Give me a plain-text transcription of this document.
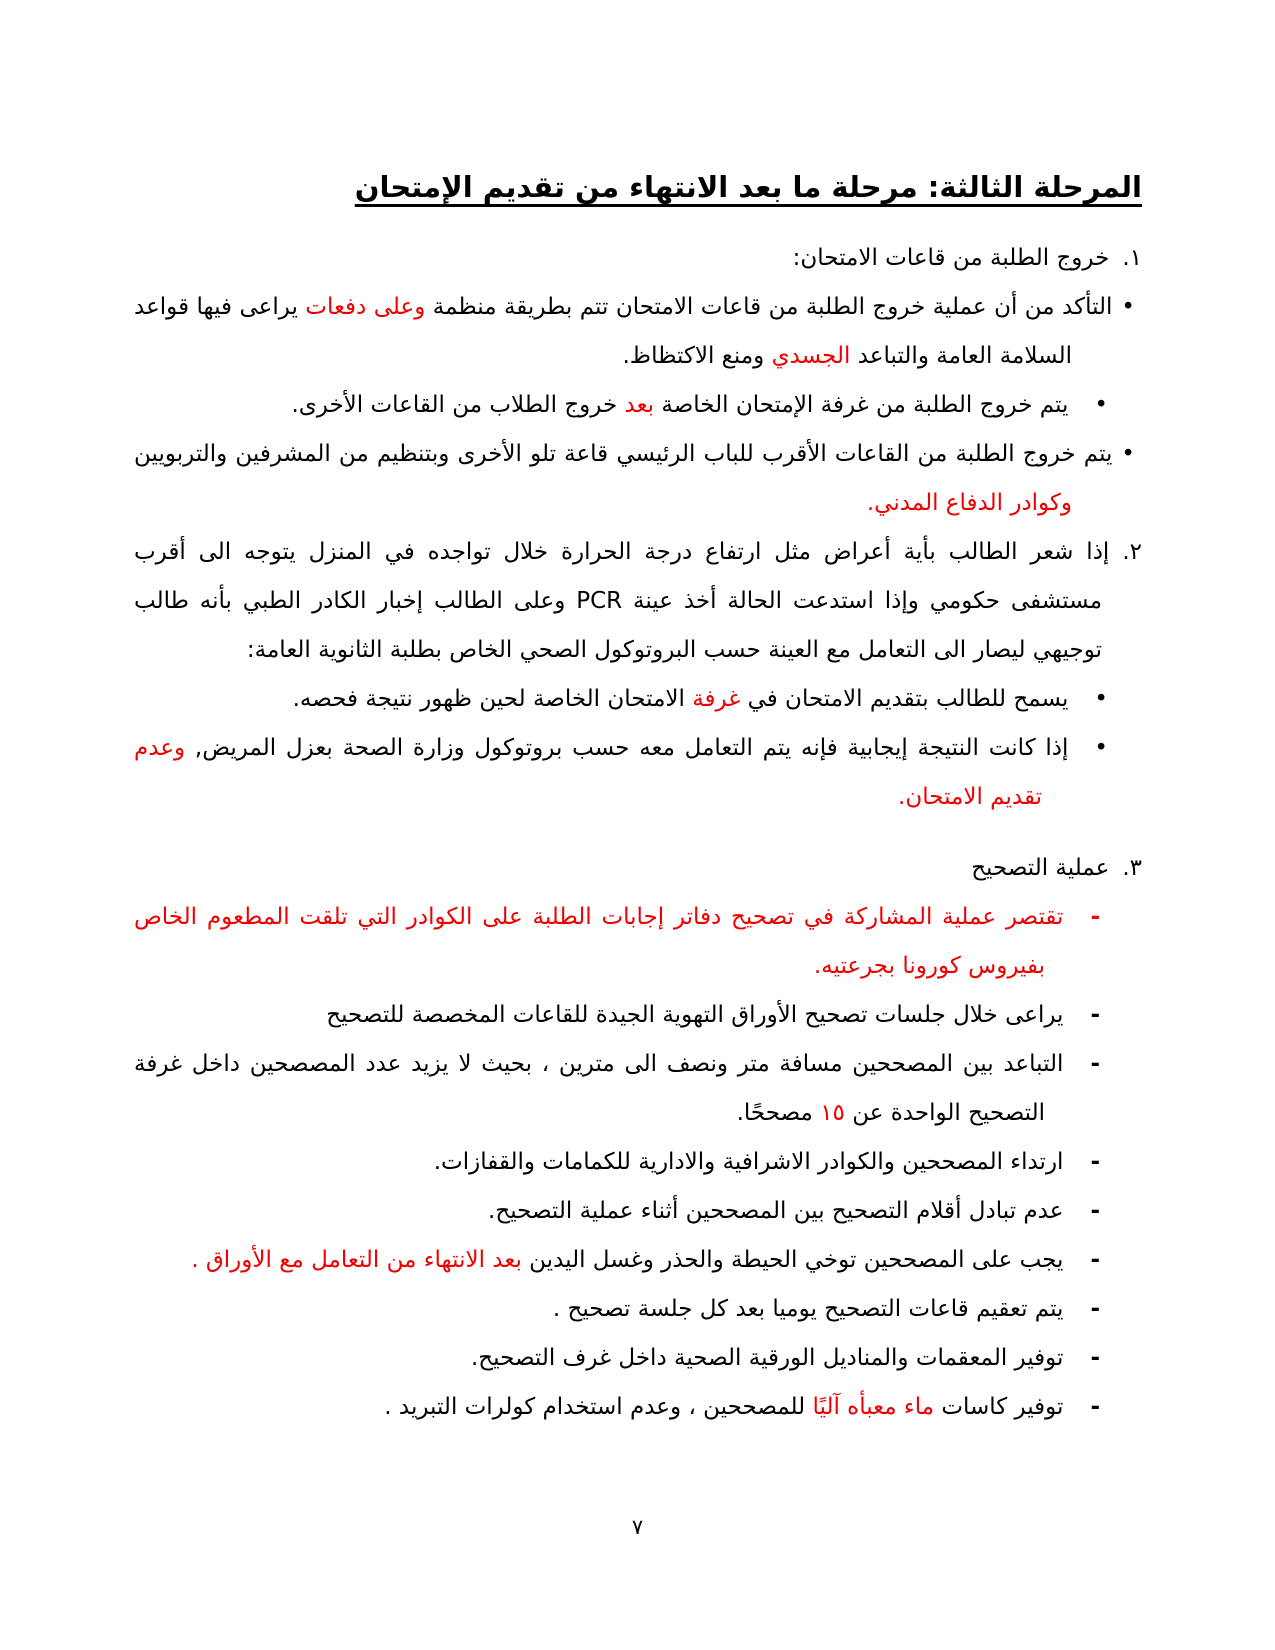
المرحلة الثالثة: مرحلة ما بعد الانتهاء من تقديم الإمتحان

١.خروج الطلبة من قاعات الامتحان:

•التأكد من أن عملية خروج الطلبة من قاعات الامتحان تتم بطريقة منظمة وعلى دفعات يراعى فيها قواعد السلامة العامة والتباعد الجسدي ومنع الاكتظاظ.

•يتم خروج الطلبة من غرفة الإمتحان الخاصة بعد خروج الطلاب من القاعات الأخرى.

•يتم خروج الطلبة من القاعات الأقرب للباب الرئيسي قاعة تلو الأخرى وبتنظيم من المشرفين والتربويين وكوادر الدفاع المدني.

٢.إذا شعر الطالب بأية أعراض مثل ارتفاع درجة الحرارة خلال تواجده في المنزل يتوجه الى أقرب مستشفى حكومي وإذا استدعت الحالة أخذ عينة PCR وعلى الطالب إخبار الكادر الطبي بأنه طالب توجيهي ليصار الى التعامل مع العينة حسب البروتوكول الصحي الخاص بطلبة الثانوية العامة:

•يسمح للطالب بتقديم الامتحان في غرفة الامتحان الخاصة لحين ظهور نتيجة فحصه.

•إذا كانت النتيجة إيجابية فإنه يتم التعامل معه حسب بروتوكول وزارة الصحة بعزل المريض, وعدم تقديم الامتحان.

٣.عملية التصحيح

-تقتصر عملية المشاركة في تصحيح دفاتر إجابات الطلبة على الكوادر التي تلقت المطعوم الخاص بفيروس كورونا بجرعتيه.

-يراعى خلال جلسات تصحيح الأوراق التهوية الجيدة للقاعات المخصصة للتصحيح

-التباعد بين المصححين مسافة متر ونصف الى مترين ، بحيث لا يزيد عدد المصصحين داخل غرفة التصحيح الواحدة عن ١٥ مصححًا.

-ارتداء المصححين والكوادر الاشرافية والادارية للكمامات والقفازات.

-عدم تبادل أقلام التصحيح بين المصححين أثناء عملية التصحيح.

-يجب على المصححين توخي الحيطة والحذر وغسل اليدين بعد الانتهاء من التعامل مع الأوراق .

-يتم تعقيم قاعات التصحيح يوميا بعد كل جلسة تصحيح .

-توفير المعقمات والمناديل الورقية الصحية داخل غرف التصحيح.

-توفير كاسات ماء معبأه آليًا للمصححين ، وعدم استخدام كولرات التبريد .

٧
